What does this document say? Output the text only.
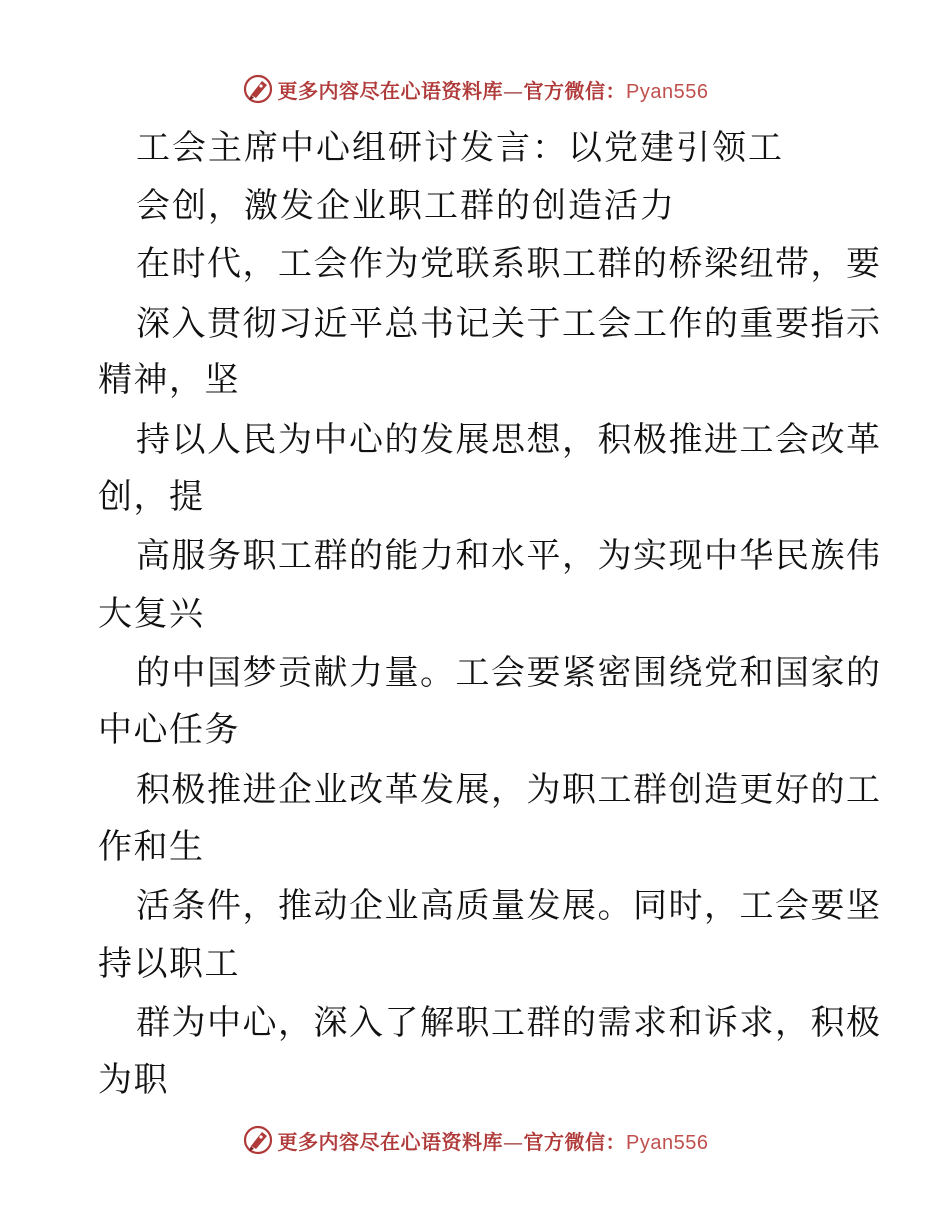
更多内容尽在心语资料库—官方微信：Pyan556
工会主席中心组研讨发言：以党建引领工
会创，激发企业职工群的创造活力
在时代，工会作为党联系职工群的桥梁纽带，要
深入贯彻习近平总书记关于工会工作的重要指示
精神，坚
持以人民为中心的发展思想，积极推进工会改革
创，提
高服务职工群的能力和水平，为实现中华民族伟
大复兴
的中国梦贡献力量。工会要紧密围绕党和国家的
中心任务
积极推进企业改革发展，为职工群创造更好的工
作和生
活条件，推动企业高质量发展。同时，工会要坚
持以职工
群为中心，深入了解职工群的需求和诉求，积极
为职
更多内容尽在心语资料库—官方微信：Pyan556
